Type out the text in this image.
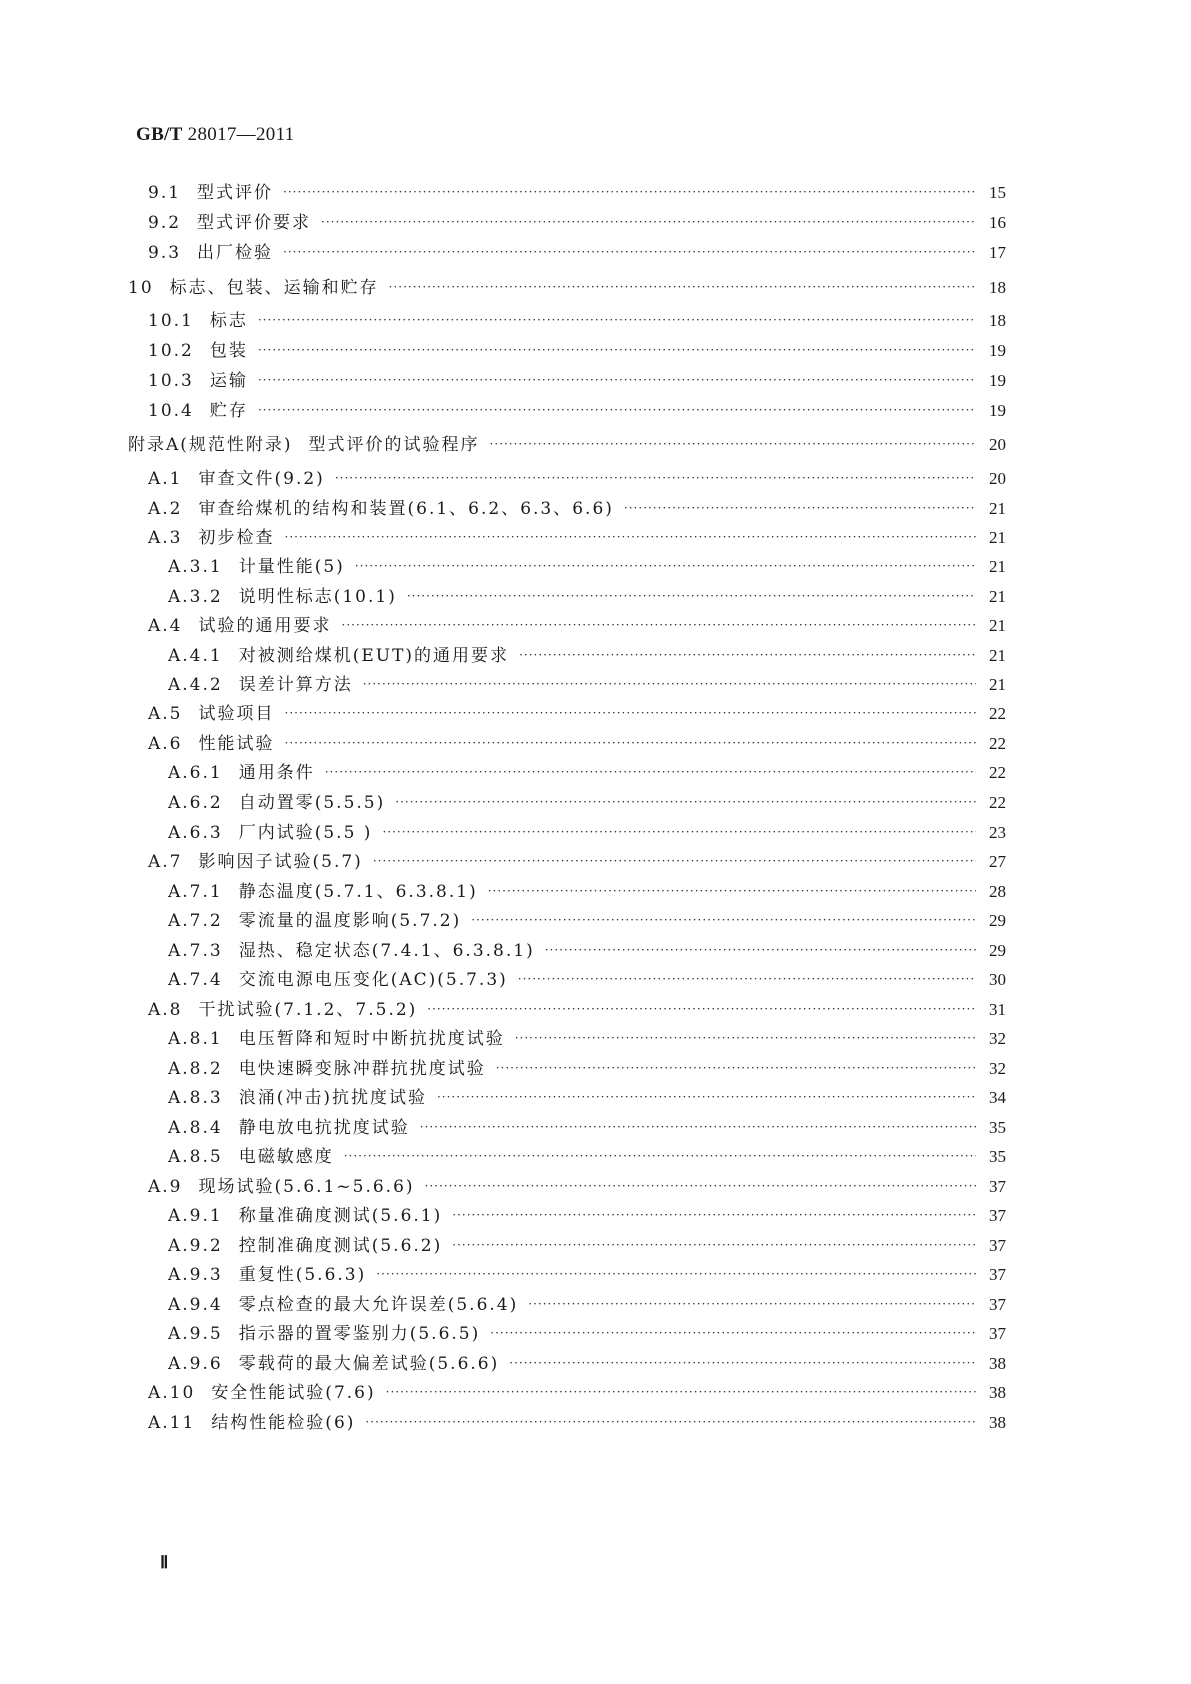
GB/T 28017—2011
9.1 型式评价 ·····	15
9.2 型式评价要求 ·····	16
9.3 出厂检验 ·····	17
10 标志、包装、运输和贮存 ·····	18
10.1 标志 ·····	18
10.2 包装 ·····	19
10.3 运输 ·····	19
10.4 贮存 ·····	19
附录A(规范性附录) 型式评价的试验程序 ·····	20
A.1 审查文件(9.2) ·····	20
A.2 审查给煤机的结构和装置(6.1、6.2、6.3、6.6) ·····	21
A.3 初步检查 ·····	21
A.3.1 计量性能(5) ·····	21
A.3.2 说明性标志(10.1) ·····	21
A.4 试验的通用要求 ·····	21
A.4.1 对被测给煤机(EUT)的通用要求 ·····	21
A.4.2 误差计算方法 ·····	21
A.5 试验项目 ·····	22
A.6 性能试验 ·····	22
A.6.1 通用条件 ·····	22
A.6.2 自动置零(5.5.5) ·····	22
A.6.3 厂内试验(5.5 ) ·····	23
A.7 影响因子试验(5.7) ·····	27
A.7.1 静态温度(5.7.1、6.3.8.1) ·····	28
A.7.2 零流量的温度影响(5.7.2) ·····	29
A.7.3 湿热、稳定状态(7.4.1、6.3.8.1) ·····	29
A.7.4 交流电源电压变化(AC)(5.7.3) ·····	30
A.8 干扰试验(7.1.2、7.5.2) ·····	31
A.8.1 电压暂降和短时中断抗扰度试验 ·····	32
A.8.2 电快速瞬变脉冲群抗扰度试验 ·····	32
A.8.3 浪涌(冲击)抗扰度试验 ·····	34
A.8.4 静电放电抗扰度试验 ·····	35
A.8.5 电磁敏感度 ·····	35
A.9 现场试验(5.6.1~5.6.6) ·····	37
A.9.1 称量准确度测试(5.6.1) ·····	37
A.9.2 控制准确度测试(5.6.2) ·····	37
A.9.3 重复性(5.6.3) ·····	37
A.9.4 零点检查的最大允许误差(5.6.4) ·····	37
A.9.5 指示器的置零鉴别力(5.6.5) ·····	37
A.9.6 零载荷的最大偏差试验(5.6.6) ·····	38
A.10 安全性能试验(7.6) ·····	38
A.11 结构性能检验(6) ·····	38
Ⅱ
